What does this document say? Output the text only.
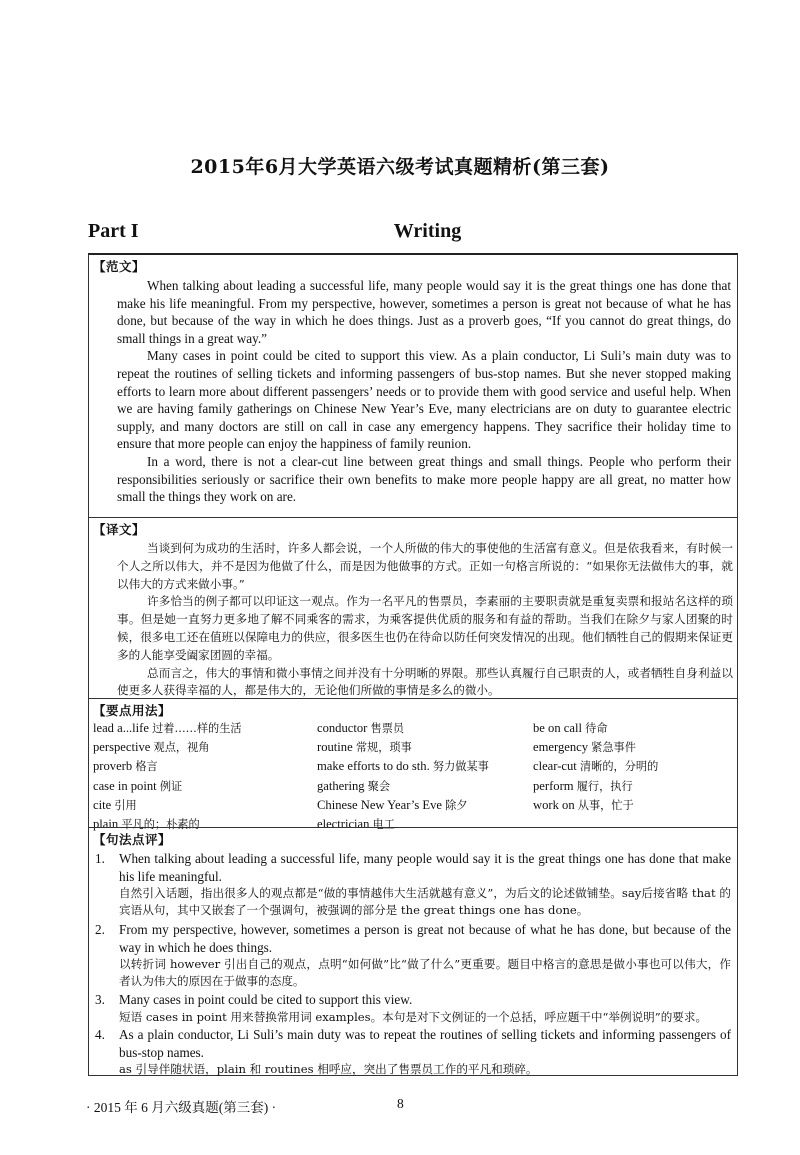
2015年6月大学英语六级考试真题精析(第三套)
Part I	Writing
【范文】

When talking about leading a successful life, many people would say it is the great things one has done that make his life meaningful. From my perspective, however, sometimes a person is great not because of what he has done, but because of the way in which he does things. Just as a proverb goes, “If you cannot do great things, do small things in a great way.”

Many cases in point could be cited to support this view. As a plain conductor, Li Suli’s main duty was to repeat the routines of selling tickets and informing passengers of bus-stop names. But she never stopped making efforts to learn more about different passengers’ needs or to provide them with good service and useful help. When we are having family gatherings on Chinese New Year’s Eve, many electricians are on duty to guarantee electric supply, and many doctors are still on call in case any emergency happens. They sacrifice their holiday time to ensure that more people can enjoy the happiness of family reunion.

In a word, there is not a clear-cut line between great things and small things. People who perform their responsibilities seriously or sacrifice their own benefits to make more people happy are all great, no matter how small the things they work on are.

【译文】

当谈到何为成功的生活时，许多人都会说，一个人所做的伟大的事使他的生活富有意义。但是依我看来，有时候一个人之所以伟大，并不是因为他做了什么，而是因为他做事的方式。正如一句格言所说的：“如果你无法做伟大的事，就以伟大的方式来做小事。”

许多恰当的例子都可以印证这一观点。作为一名平凡的售票员，李素丽的主要职责就是重复卖票和报站名这样的琐事。但是她一直努力更多地了解不同乘客的需求，为乘客提供优质的服务和有益的帮助。当我们在除夕与家人团聚的时候，很多电工还在值班以保障电力的供应，很多医生也仍在待命以防任何突发情况的出现。他们牺牲自己的假期来保证更多的人能享受阖家团圆的幸福。

总而言之，伟大的事情和微小事情之间并没有十分明晰的界限。那些认真履行自己职责的人，或者牺牲自身利益以使更多人获得幸福的人，都是伟大的，无论他们所做的事情是多么的微小。

【要点用法】
lead a...life 过着……样的生活
perspective 观点，视角
proverb 格言
case in point 例证
cite 引用
plain 平凡的；朴素的
conductor 售票员
routine 常规，琐事
make efforts to do sth. 努力做某事
gathering 聚会
Chinese New Year’s Eve 除夕
electrician 电工
be on call 待命
emergency 紧急事件
clear-cut 清晰的，分明的
perform 履行，执行
work on 从事，忙于
【句法点评】
1. When talking about leading a successful life, many people would say it is the great things one has done that make his life meaningful.
自然引入话题，指出很多人的观点都是“做的事情越伟大生活就越有意义”，为后文的论述做铺垫。say后接省略 that 的宾语从句，其中又嵌套了一个强调句，被强调的部分是 the great things one has done。
2. From my perspective, however, sometimes a person is great not because of what he has done, but because of the way in which he does things.
以转折词 however 引出自己的观点，点明“如何做”比“做了什么”更重要。题目中格言的意思是做小事也可以伟大，作者认为伟大的原因在于做事的态度。
3. Many cases in point could be cited to support this view.
短语 cases in point 用来替换常用词 examples。本句是对下文例证的一个总括，呼应题干中“举例说明”的要求。
4. As a plain conductor, Li Suli’s main duty was to repeat the routines of selling tickets and informing passengers of bus-stop names.
as 引导伴随状语，plain 和 routines 相呼应，突出了售票员工作的平凡和琐碎。
· 2015 年 6 月六级真题(第三套) ·	8
